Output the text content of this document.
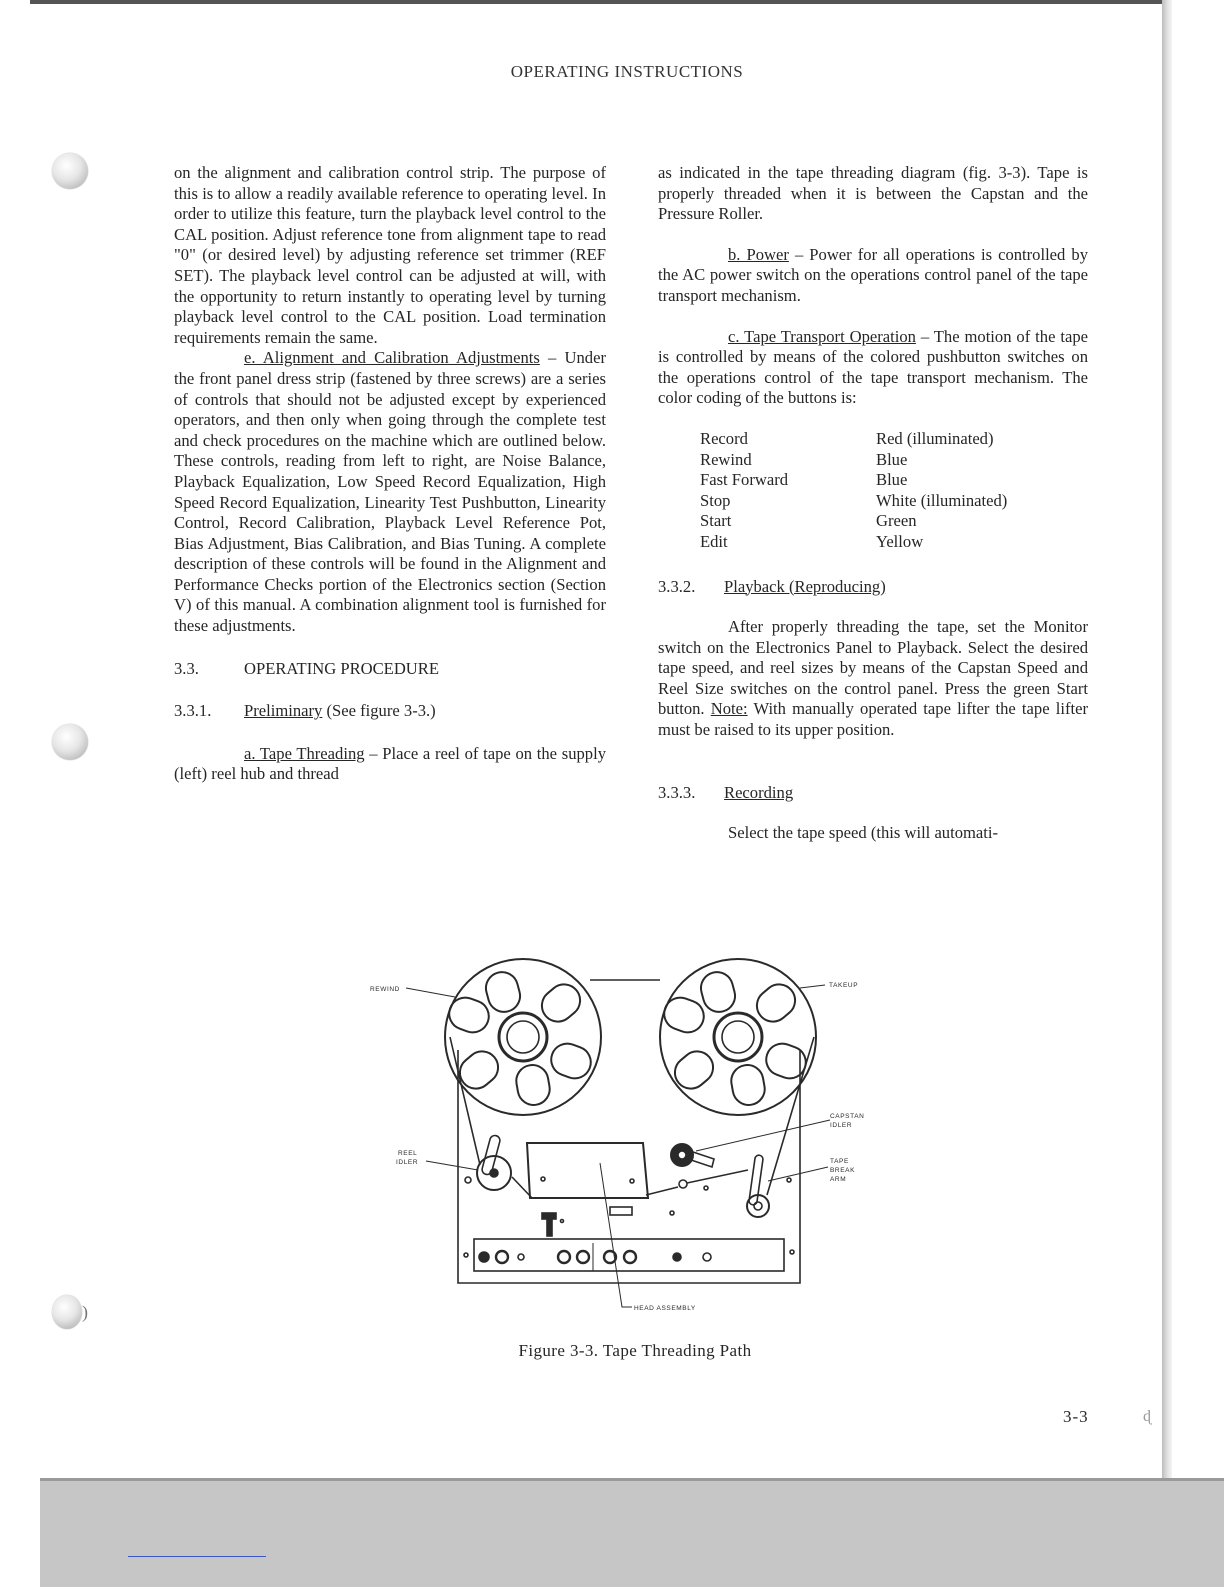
)
OPERATING INSTRUCTIONS

on the alignment and calibration control strip. The purpose of this is to allow a readily available reference to operating level. In order to utilize this feature, turn the playback level control to the CAL position. Adjust reference tone from alignment tape to read "0" (or desired level) by adjusting reference set trimmer (REF SET). The playback level control can be adjusted at will, with the opportunity to return instantly to operating level by turning playback level control to the CAL position. Load termination requirements remain the same.

e. Alignment and Calibration Adjustments – Under the front panel dress strip (fastened by three screws) are a series of controls that should not be adjusted except by experienced operators, and then only when going through the complete test and check procedures on the machine which are outlined below. These controls, reading from left to right, are Noise Balance, Playback Equalization, Low Speed Record Equalization, High Speed Record Equalization, Linearity Test Pushbutton, Linearity Control, Record Calibration, Playback Level Reference Pot, Bias Adjustment, Bias Calibration, and Bias Tuning. A complete description of these controls will be found in the Alignment and Performance Checks portion of the Electronics section (Section V) of this manual. A combination alignment tool is furnished for these adjustments.

3.3.	OPERATING PROCEDURE

3.3.1. Preliminary (See figure 3-3.)

a. Tape Threading – Place a reel of tape on the supply (left) reel hub and thread

as indicated in the tape threading diagram (fig. 3-3). Tape is properly threaded when it is between the Capstan and the Pressure Roller.

b. Power – Power for all operations is controlled by the AC power switch on the operations control panel of the tape transport mechanism.

c. Tape Transport Operation – The motion of the tape is controlled by means of the colored pushbutton switches on the operations control of the tape transport mechanism. The color coding of the buttons is:

Record	Red (illuminated)
Rewind	Blue
Fast Forward	Blue
Stop	White (illuminated)
Start	Green
Edit	Yellow

3.3.2. Playback (Reproducing)

After properly threading the tape, set the Monitor switch on the Electronics Panel to Playback. Select the desired tape speed, and reel sizes by means of the Capstan Speed and Reel Size switches on the control panel. Press the green Start button. Note: With manually operated tape lifter the tape lifter must be raised to its upper position.

3.3.3. Recording

Select the tape speed (this will automati-

REWIND
TAKEUP
CAPSTAN
IDLER
REEL
IDLER	TAPE
BREAK
ARM
HEAD ASSEMBLY
Figure 3-3. Tape Threading Path
3-3	ɖ
